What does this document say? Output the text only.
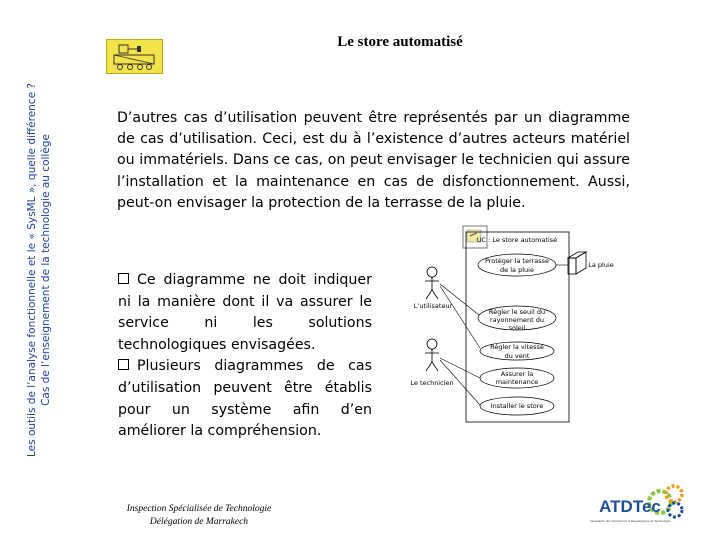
Les outils de l’analyse fonctionnelle et le « SysML », quelle différence ? Cas de l’enseignement de la technologie au collège
Le store automatisé
D’autres cas d’utilisation peuvent être représentés par un diagramme de cas d’utilisation. Ceci, est du à l’existence d’autres acteurs matériel ou immatériels. Dans ce cas, on peut envisager le technicien qui assure l’installation et la maintenance en cas de disfonctionnement. Aussi, peut-on envisager la protection de la terrasse de la pluie.
Ce diagramme ne doit indiquer ni la manière dont il va assurer le service ni les solutions technologiques envisagées.
Plusieurs diagrammes de cas d’utilisation peuvent être établis pour un système afin d’en améliorer la compréhension.
UC : Le store automatisé
L’utilisateur
Le technicien
La pluie
Protéger la terrasse de la pluie
Régler le seuil du rayonnement du soleil
Régler la vitesse du vent
Assurer la maintenance
Installer le store
Inspection Spécialisée de Technologie
Délégation de Marrakech
ATDTec
Association des Techniciens & Développeurs de Technologie
